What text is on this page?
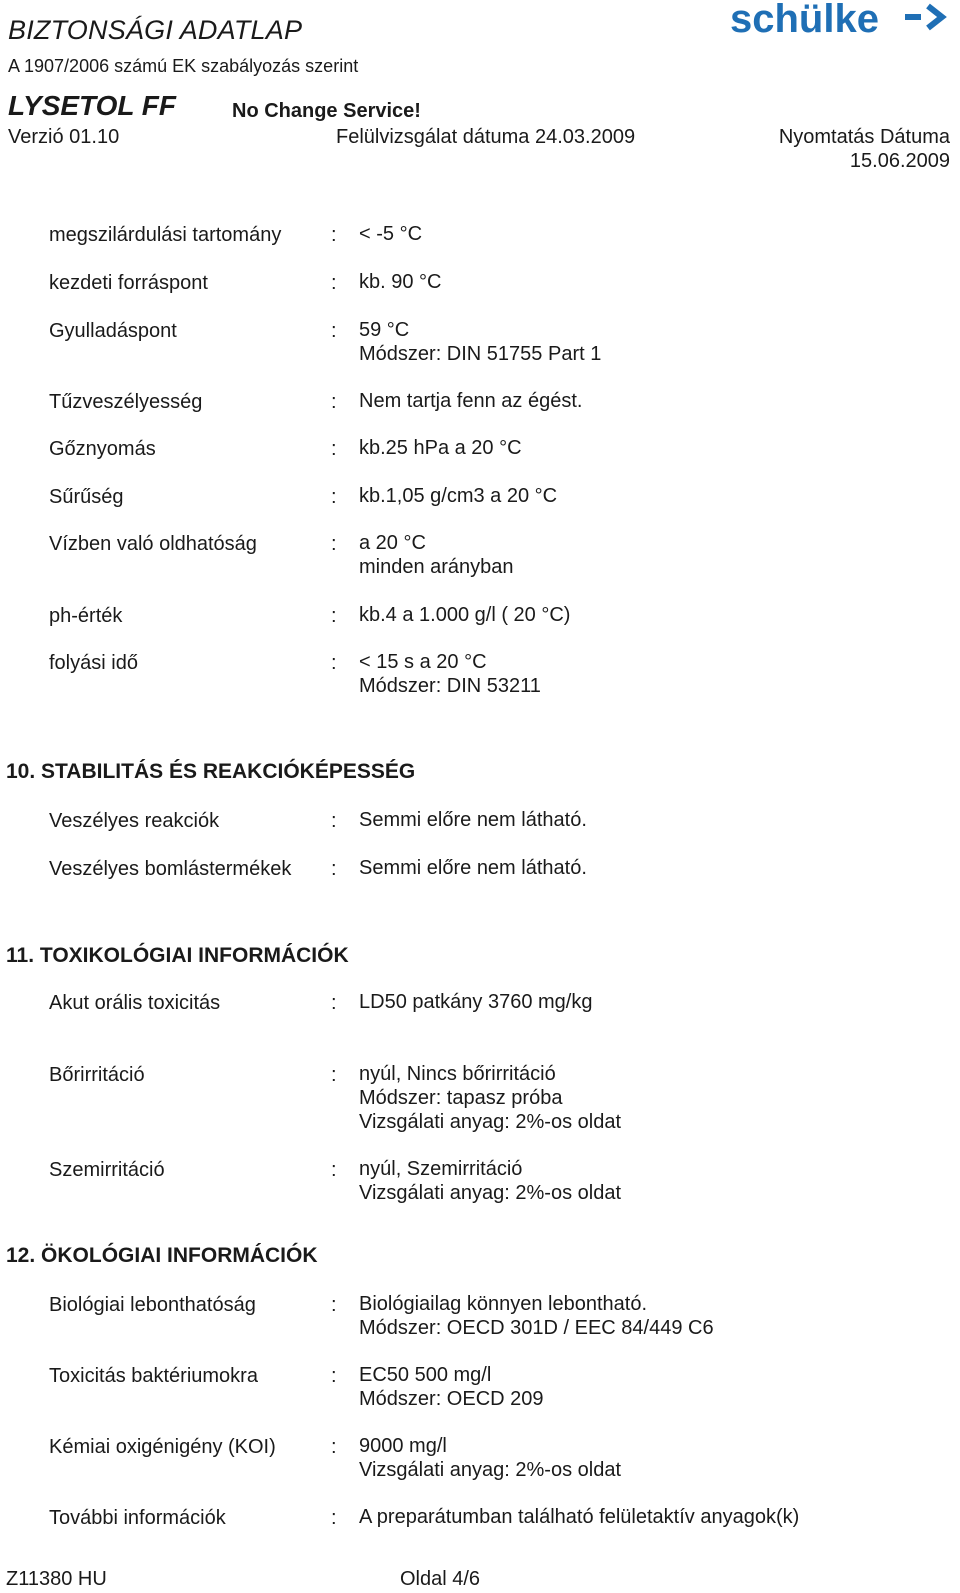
BIZTONSÁGI ADATLAP
A 1907/2006 számú EK szabályozás szerint
LYSETOL FF	No Change Service!
Verzió 01.10	Felülvizsgálat dátuma 24.03.2009	Nyomtatás Dátuma
15.06.2009
schülke
megszilárdulási tartomány : < -5 °C
kezdeti forráspont	: kb. 90 °C
Gyulladáspont	: 59 °C
Módszer: DIN 51755 Part 1
Tűzveszélyesség	: Nem tartja fenn az égést.
Gőznyomás	: kb.25 hPa a 20 °C
Sűrűség	: kb.1,05 g/cm3 a 20 °C
Vízben való oldhatóság	: a 20 °C
minden arányban
ph-érték	: kb.4 a 1.000 g/l ( 20 °C)
folyási idő	: < 15 s a 20 °C
Módszer: DIN 53211
10. STABILITÁS ÉS REAKCIÓKÉPESSÉG
Veszélyes reakciók	: Semmi előre nem látható.
Veszélyes bomlástermékek : Semmi előre nem látható.
11. TOXIKOLÓGIAI INFORMÁCIÓK
Akut orális toxicitás	: LD50 patkány 3760 mg/kg
Bőrirritáció	: nyúl, Nincs bőrirritáció
Módszer: tapasz próba
Vizsgálati anyag: 2%-os oldat
Szemirritáció	: nyúl, Szemirritáció
Vizsgálati anyag: 2%-os oldat
12. ÖKOLÓGIAI INFORMÁCIÓK
Biológiai lebonthatóság	: Biológiailag könnyen lebontható.
Módszer: OECD 301D / EEC 84/449 C6
Toxicitás baktériumokra	: EC50 500 mg/l
Módszer: OECD 209
Kémiai oxigénigény (KOI)	: 9000 mg/l
Vizsgálati anyag: 2%-os oldat
További információk	: A preparátumban található felületaktív anyagok(k)
Z11380 HU	Oldal 4/6
